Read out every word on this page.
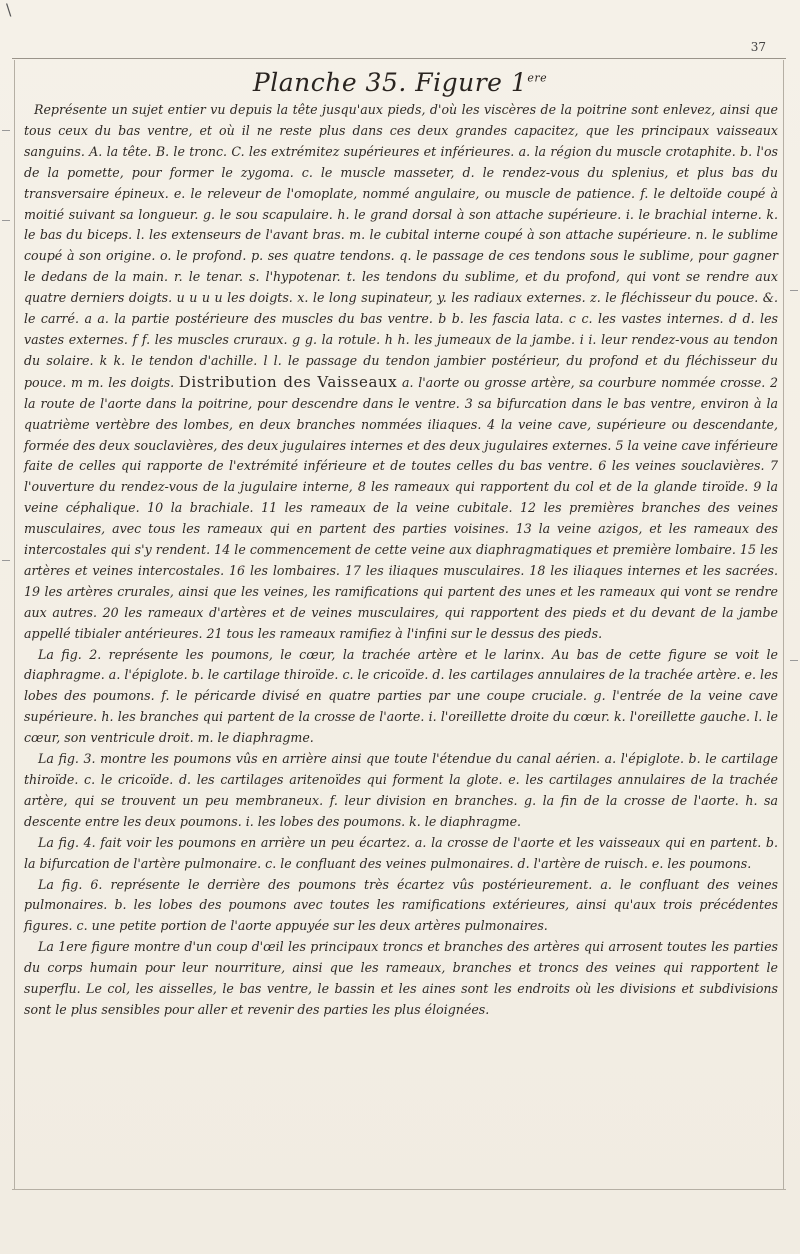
\
37
Planche 35. Figure 1ere

Représente un sujet entier vu depuis la tête jusqu'aux pieds, d'où les viscères de la poitrine sont enlevez, ainsi que tous ceux du bas ventre, et où il ne reste plus dans ces deux grandes capacitez, que les principaux vaisseaux sanguins. A. la tête. B. le tronc. C. les extrémitez supérieures et inférieures. a. la région du muscle crotaphite. b. l'os de la pomette, pour former le zygoma. c. le muscle masseter, d. le rendez-vous du splenius, et plus bas du transversaire épineux. e. le releveur de l'omoplate, nommé angulaire, ou muscle de patience. f. le deltoïde coupé à moitié suivant sa longueur. g. le sou scapulaire. h. le grand dorsal à son attache supérieure. i. le brachial interne. k. le bas du biceps. l. les extenseurs de l'avant bras. m. le cubital interne coupé à son attache supérieure. n. le sublime coupé à son origine. o. le profond. p. ses quatre tendons. q. le passage de ces tendons sous le sublime, pour gagner le dedans de la main. r. le tenar. s. l'hypotenar. t. les tendons du sublime, et du profond, qui vont se rendre aux quatre derniers doigts. u u u u les doigts. x. le long supinateur, y. les radiaux externes. z. le fléchisseur du pouce. &. le carré. a a. la partie postérieure des muscles du bas ventre. b b. les fascia lata. c c. les vastes internes. d d. les vastes externes. f f. les muscles cruraux. g g. la rotule. h h. les jumeaux de la jambe. i i. leur rendez-vous au tendon du solaire. k k. le tendon d'achille. l l. le passage du tendon jambier postérieur, du profond et du fléchisseur du pouce. m m. les doigts. Distribution des Vaisseaux a. l'aorte ou grosse artère, sa courbure nommée crosse. 2 la route de l'aorte dans la poitrine, pour descendre dans le ventre. 3 sa bifurcation dans le bas ventre, environ à la quatrième vertèbre des lombes, en deux branches nommées iliaques. 4 la veine cave, supérieure ou descendante, formée des deux souclavières, des deux jugulaires internes et des deux jugulaires externes. 5 la veine cave inférieure faite de celles qui rapporte de l'extrémité inférieure et de toutes celles du bas ventre. 6 les veines souclavières. 7 l'ouverture du rendez-vous de la jugulaire interne, 8 les rameaux qui rapportent du col et de la glande tiroïde. 9 la veine céphalique. 10 la brachiale. 11 les rameaux de la veine cubitale. 12 les premières branches des veines musculaires, avec tous les rameaux qui en partent des parties voisines. 13 la veine azigos, et les rameaux des intercostales qui s'y rendent. 14 le commencement de cette veine aux diaphragmatiques et première lombaire. 15 les artères et veines intercostales. 16 les lombaires. 17 les iliaques musculaires. 18 les iliaques internes et les sacrées. 19 les artères crurales, ainsi que les veines, les ramifications qui partent des unes et les rameaux qui vont se rendre aux autres. 20 les rameaux d'artères et de veines musculaires, qui rapportent des pieds et du devant de la jambe appellé tibialer antérieures. 21 tous les rameaux ramifiez à l'infini sur le dessus des pieds.

La fig. 2. représente les poumons, le cœur, la trachée artère et le larinx. Au bas de cette figure se voit le diaphragme. a. l'épiglote. b. le cartilage thiroïde. c. le cricoïde. d. les cartilages annulaires de la trachée artère. e. les lobes des poumons. f. le péricarde divisé en quatre parties par une coupe cruciale. g. l'entrée de la veine cave supérieure. h. les branches qui partent de la crosse de l'aorte. i. l'oreillette droite du cœur. k. l'oreillette gauche. l. le cœur, son ventricule droit. m. le diaphragme.

La fig. 3. montre les poumons vûs en arrière ainsi que toute l'étendue du canal aérien. a. l'épiglote. b. le cartilage thiroïde. c. le cricoïde. d. les cartilages aritenoïdes qui forment la glote. e. les cartilages annulaires de la trachée artère, qui se trouvent un peu membraneux. f. leur division en branches. g. la fin de la crosse de l'aorte. h. sa descente entre les deux poumons. i. les lobes des poumons. k. le diaphragme.

La fig. 4. fait voir les poumons en arrière un peu écartez. a. la crosse de l'aorte et les vaisseaux qui en partent. b. la bifurcation de l'artère pulmonaire. c. le confluant des veines pulmonaires. d. l'artère de ruisch. e. les poumons.

La fig. 6. représente le derrière des poumons très écartez vûs postérieurement. a. le confluant des veines pulmonaires. b. les lobes des poumons avec toutes les ramifications extérieures, ainsi qu'aux trois précédentes figures. c. une petite portion de l'aorte appuyée sur les deux artères pulmonaires.

La 1ere figure montre d'un coup d'œil les principaux troncs et branches des artères qui arrosent toutes les parties du corps humain pour leur nourriture, ainsi que les rameaux, branches et troncs des veines qui rapportent le superflu. Le col, les aisselles, le bas ventre, le bassin et les aines sont les endroits où les divisions et subdivisions sont le plus sensibles pour aller et revenir des parties les plus éloignées.
